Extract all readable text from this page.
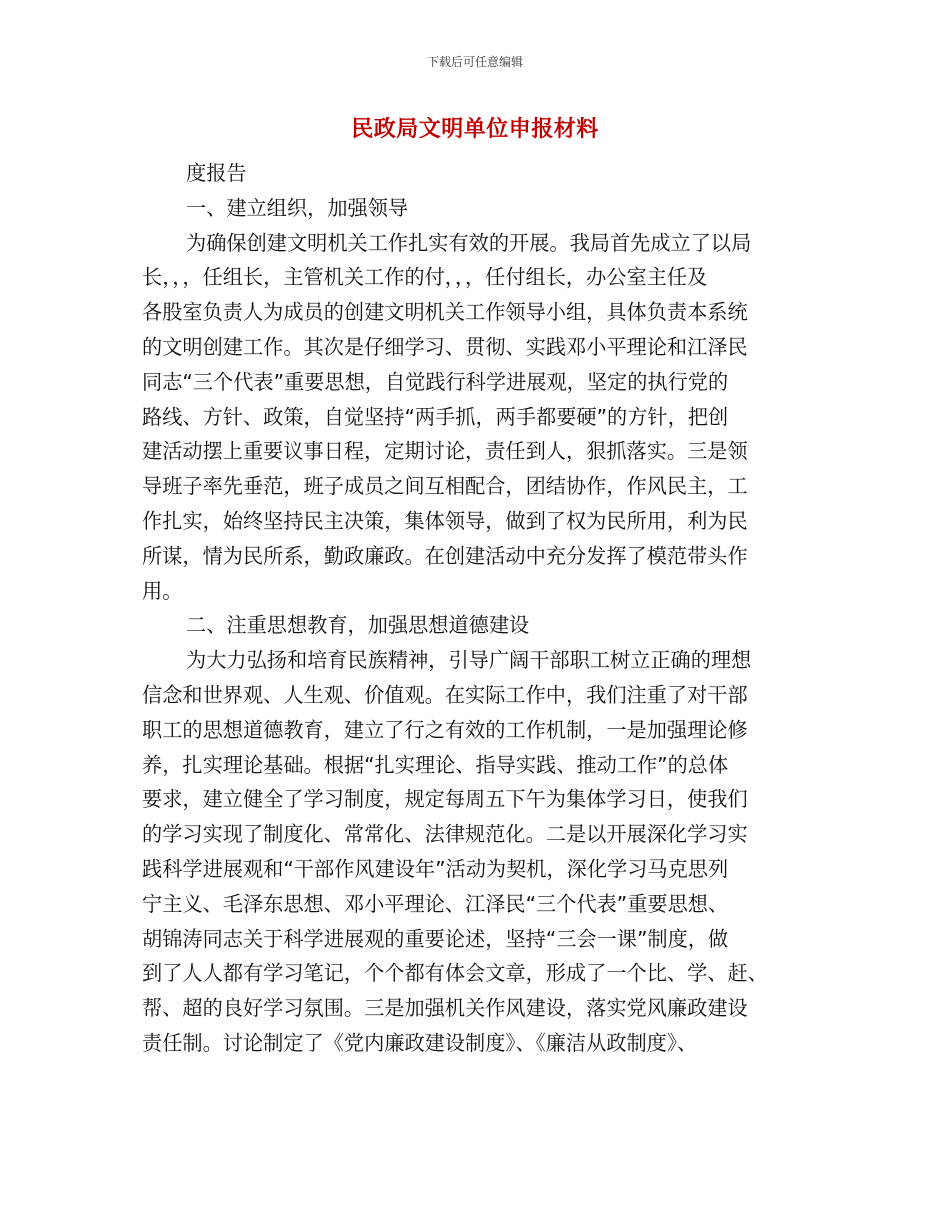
下载后可任意编辑
民政局文明单位申报材料
度报告
一、建立组织，加强领导
为确保创建文明机关工作扎实有效的开展。我局首先成立了以局
长，，，任组长，主管机关工作的付，，，任付组长，办公室主任及
各股室负责人为成员的创建文明机关工作领导小组，具体负责本系统
的文明创建工作。其次是仔细学习、贯彻、实践邓小平理论和江泽民
同志“三个代表”重要思想，自觉践行科学进展观，坚定的执行党的
路线、方针、政策，自觉坚持“两手抓，两手都要硬”的方针，把创
建活动摆上重要议事日程，定期讨论，责任到人，狠抓落实。三是领
导班子率先垂范，班子成员之间互相配合，团结协作，作风民主，工
作扎实，始终坚持民主决策，集体领导，做到了权为民所用，利为民
所谋，情为民所系，勤政廉政。在创建活动中充分发挥了模范带头作
用。
二、注重思想教育，加强思想道德建设
为大力弘扬和培育民族精神，引导广阔干部职工树立正确的理想
信念和世界观、人生观、价值观。在实际工作中，我们注重了对干部
职工的思想道德教育，建立了行之有效的工作机制，一是加强理论修
养，扎实理论基础。根据“扎实理论、指导实践、推动工作”的总体
要求，建立健全了学习制度，规定每周五下午为集体学习日，使我们
的学习实现了制度化、常常化、法律规范化。二是以开展深化学习实
践科学进展观和“干部作风建设年”活动为契机，深化学习马克思列
宁主义、毛泽东思想、邓小平理论、江泽民“三个代表”重要思想、
胡锦涛同志关于科学进展观的重要论述，坚持“三会一课”制度，做
到了人人都有学习笔记，个个都有体会文章，形成了一个比、学、赶、
帮、超的良好学习氛围。三是加强机关作风建设，落实党风廉政建设
责任制。讨论制定了《党内廉政建设制度》、《廉洁从政制度》、
